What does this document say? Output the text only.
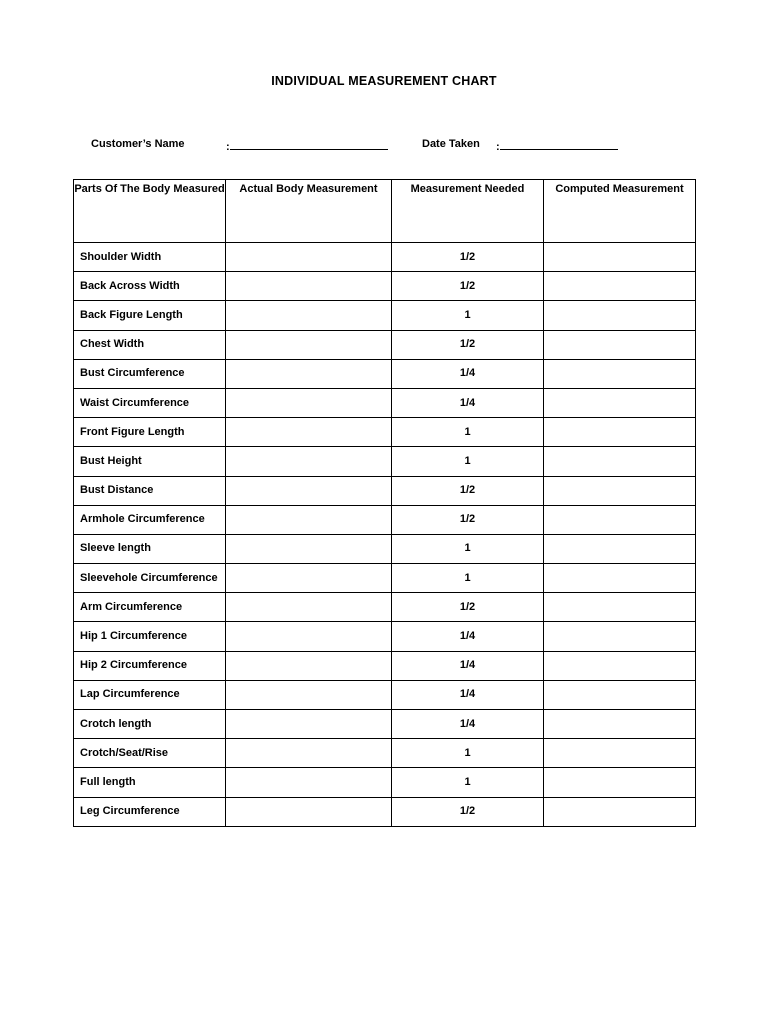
INDIVIDUAL MEASUREMENT CHART
Customer’s Name	:	Date Taken :
Parts Of The Body Measured	Actual Body Measurement	Measurement Needed	Computed Measurement
Shoulder Width		1/2	
Back Across Width		1/2	
Back Figure Length		1	
Chest Width		1/2	
Bust Circumference		1/4	
Waist Circumference		1/4	
Front Figure Length		1	
Bust Height		1	
Bust Distance		1/2	
Armhole Circumference		1/2	
Sleeve length		1	
Sleevehole Circumference		1	
Arm Circumference		1/2	
Hip 1 Circumference		1/4	
Hip 2 Circumference		1/4	
Lap Circumference		1/4	
Crotch length		1/4	
Crotch/Seat/Rise		1	
Full length		1	
Leg Circumference		1/2	
